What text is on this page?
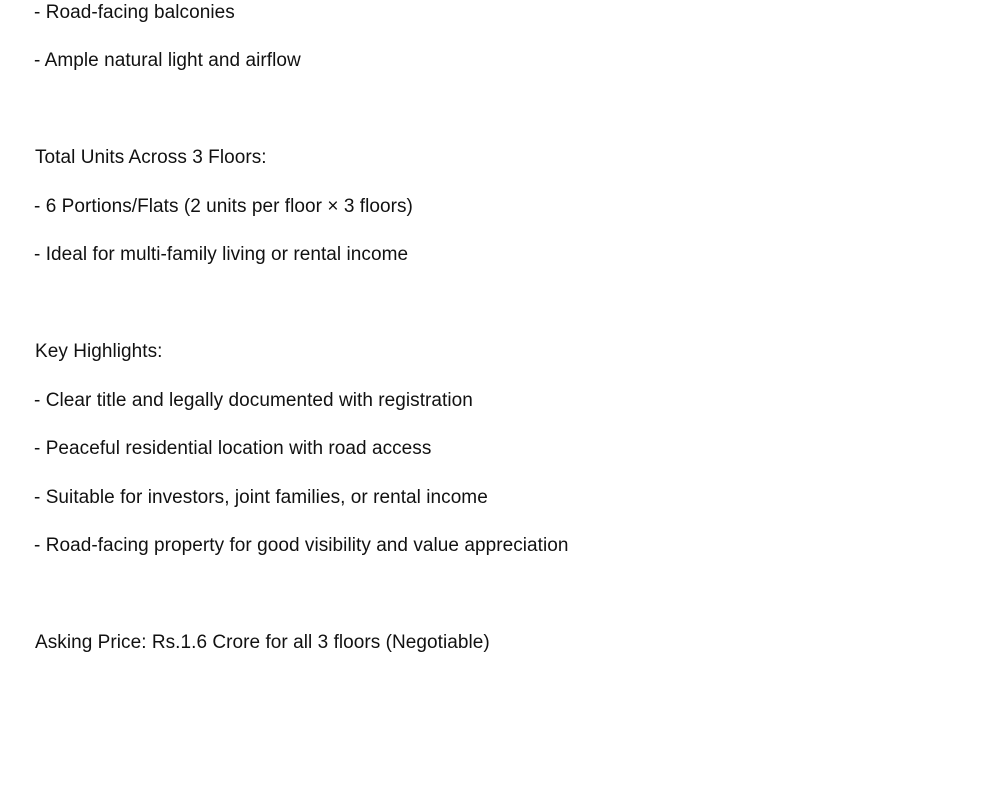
- Road-facing balconies
- Ample natural light and airflow
Total Units Across 3 Floors:
- 6 Portions/Flats (2 units per floor × 3 floors)
- Ideal for multi-family living or rental income
Key Highlights:
- Clear title and legally documented with registration
- Peaceful residential location with road access
- Suitable for investors, joint families, or rental income
- Road-facing property for good visibility and value appreciation
Asking Price: Rs.1.6 Crore for all 3 floors (Negotiable)
